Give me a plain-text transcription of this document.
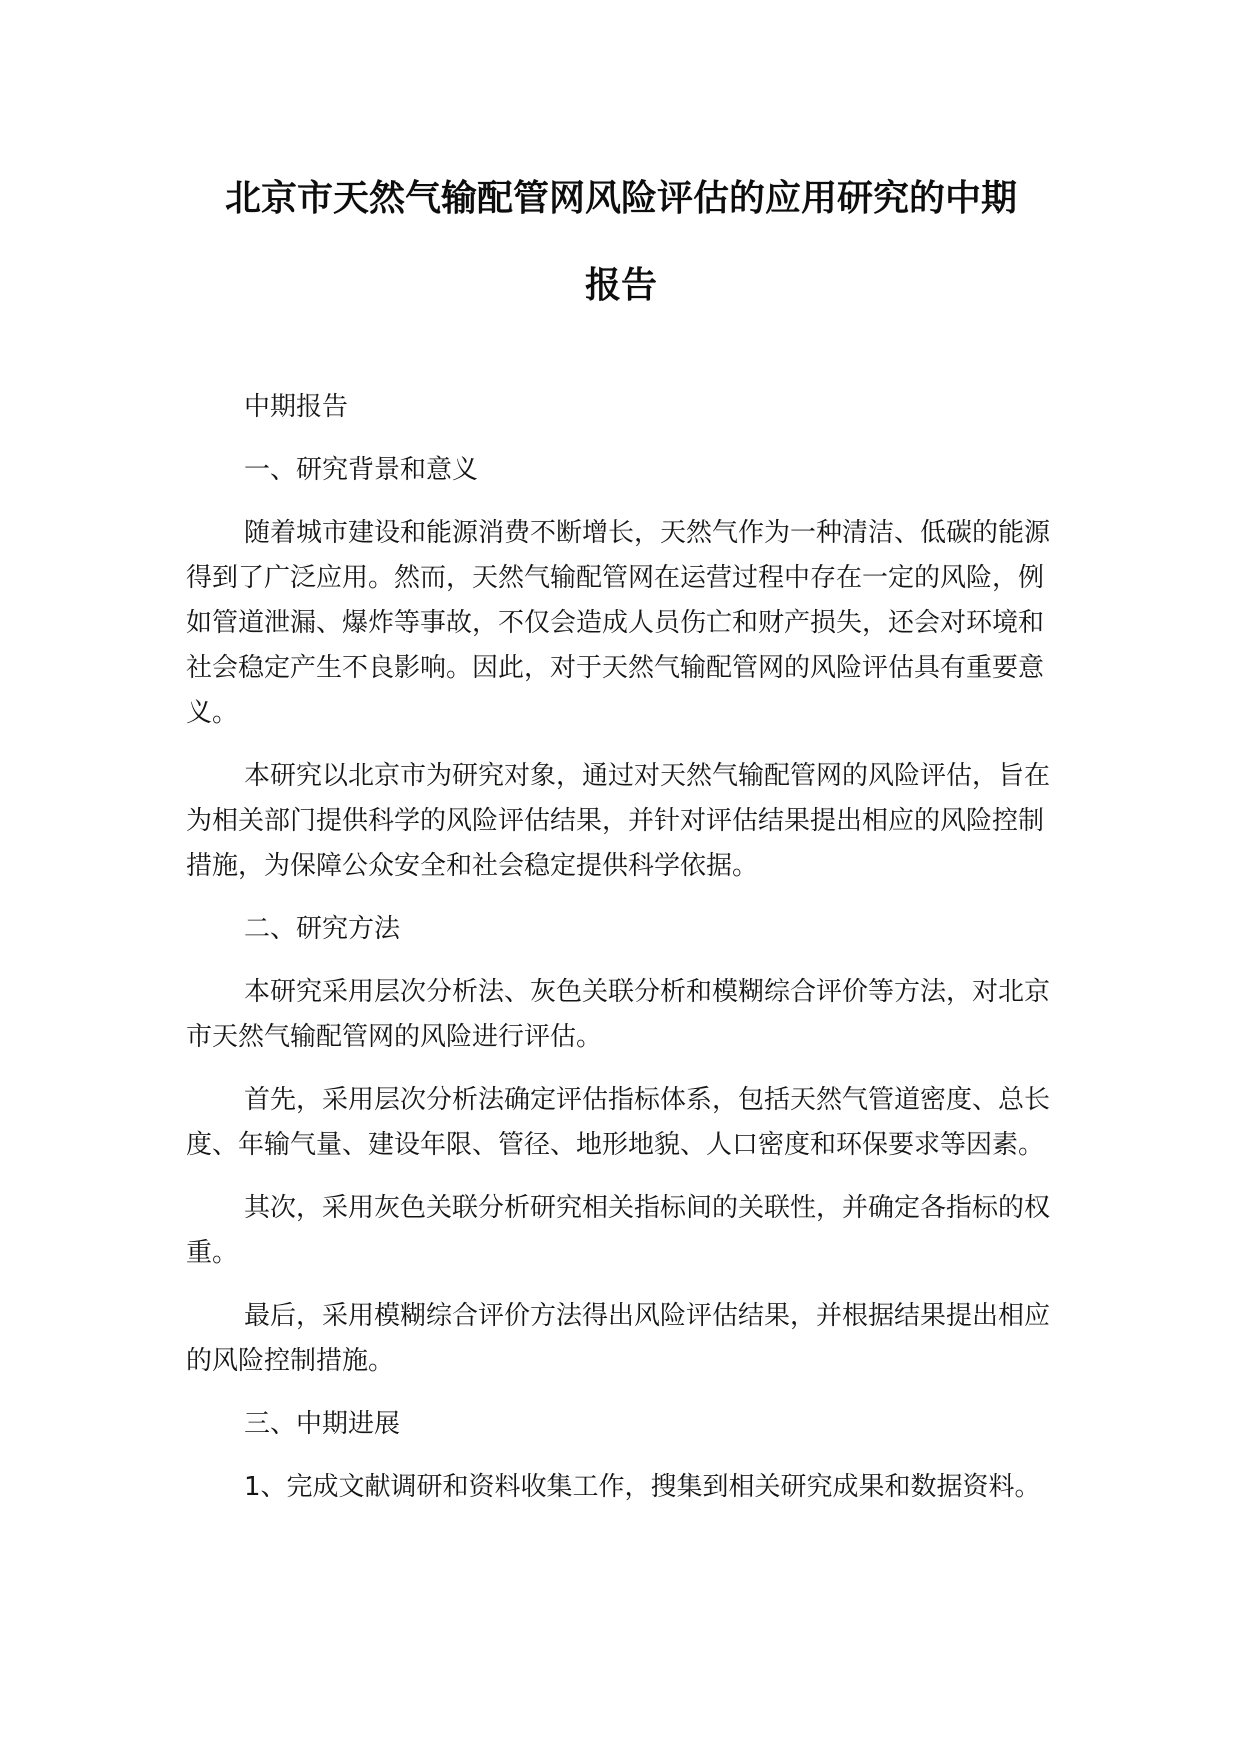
北京市天然气输配管网风险评估的应用研究的中期
报告

中期报告

一、研究背景和意义

随着城市建设和能源消费不断增长，天然气作为一种清洁、低碳的能源得到了广泛应用。然而，天然气输配管网在运营过程中存在一定的风险，例如管道泄漏、爆炸等事故，不仅会造成人员伤亡和财产损失，还会对环境和社会稳定产生不良影响。因此，对于天然气输配管网的风险评估具有重要意义。

本研究以北京市为研究对象，通过对天然气输配管网的风险评估，旨在为相关部门提供科学的风险评估结果，并针对评估结果提出相应的风险控制措施，为保障公众安全和社会稳定提供科学依据。

二、研究方法

本研究采用层次分析法、灰色关联分析和模糊综合评价等方法，对北京市天然气输配管网的风险进行评估。

首先，采用层次分析法确定评估指标体系，包括天然气管道密度、总长度、年输气量、建设年限、管径、地形地貌、人口密度和环保要求等因素。

其次，采用灰色关联分析研究相关指标间的关联性，并确定各指标的权重。

最后，采用模糊综合评价方法得出风险评估结果，并根据结果提出相应的风险控制措施。

三、中期进展

1、完成文献调研和资料收集工作，搜集到相关研究成果和数据资料。
